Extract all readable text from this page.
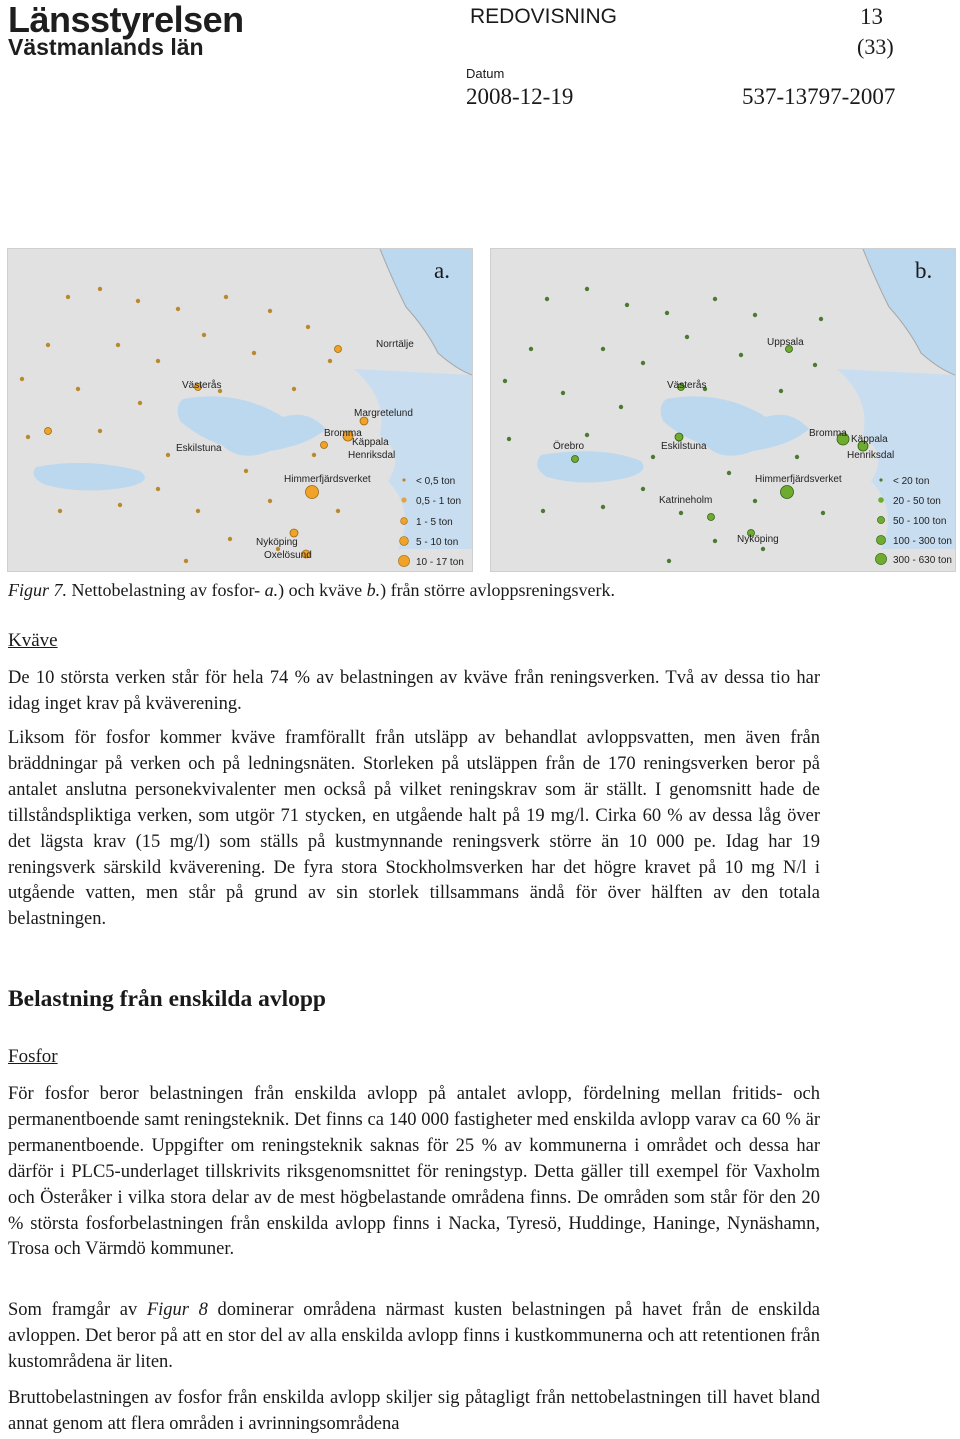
Länsstyrelsen
Västmanlands län
REDOVISNING	13
(33)
Datum
2008-12-19	537-13797-2007
Västerås
Norrtälje
Margretelund
Bromma
Käppala
Henriksdal
Eskilstuna
Himmerfjärdsverket
Nyköping
Oxelösund
< 0,5 ton
0,5 - 1 ton
1 - 5 ton
5 - 10 ton
10 - 17 ton
a.
Uppsala
Västerås
Örebro	Eskilstuna
Bromma
Käppala
Henriksdal
Himmerfjärdsverket
Katrineholm
Nyköping
< 20 ton
20 - 50 ton
50 - 100 ton
100 - 300 ton
300 - 630 ton
b.
Figur 7. Nettobelastning av fosfor- a.) och kväve b.) från större avloppsreningsverk.
Kväve
De 10 största verken står för hela 74 % av belastningen av kväve från reningsverken. Två av dessa tio har idag inget krav på kväverening.
Liksom för fosfor kommer kväve framförallt från utsläpp av behandlat avloppsvatten, men även från bräddningar på verken och på ledningsnäten. Storleken på utsläppen från de 170 reningsverken beror på antalet anslutna personekvivalenter men också på vilket reningskrav som är ställt. I genomsnitt hade de tillståndspliktiga verken, som utgör 71 stycken, en utgående halt på 19 mg/l. Cirka 60 % av dessa låg över det lägsta krav (15 mg/l) som ställs på kustmynnande reningsverk större än 10 000 pe. Idag har 19 reningsverk särskild kväverening. De fyra stora Stockholmsverken har det högre kravet på 10 mg N/l i utgående vatten, men står på grund av sin storlek tillsammans ändå för över hälften av den totala belastningen.
Belastning från enskilda avlopp
Fosfor
För fosfor beror belastningen från enskilda avlopp på antalet avlopp, fördelning mellan fritids- och permanentboende samt reningsteknik. Det finns ca 140 000 fastigheter med enskilda avlopp varav ca 60 % är permanentboende. Uppgifter om reningsteknik saknas för 25 % av kommunerna i området och dessa har därför i PLC5-underlaget tillskrivits riksgenomsnittet för reningstyp. Detta gäller till exempel för Vaxholm och Österåker i vilka stora delar av de mest högbelastande områdena finns. De områden som står för den 20 % största fosforbelastningen från enskilda avlopp finns i Nacka, Tyresö, Huddinge, Haninge, Nynäshamn, Trosa och Värmdö kommuner.
Som framgår av Figur 8 dominerar områdena närmast kusten belastningen på havet från de enskilda avloppen. Det beror på att en stor del av alla enskilda avlopp finns i kustkommunerna och att retentionen från kustområdena är liten.
Bruttobelastningen av fosfor från enskilda avlopp skiljer sig påtagligt från nettobelastningen till havet bland annat genom att flera områden i avrinningsområdena
